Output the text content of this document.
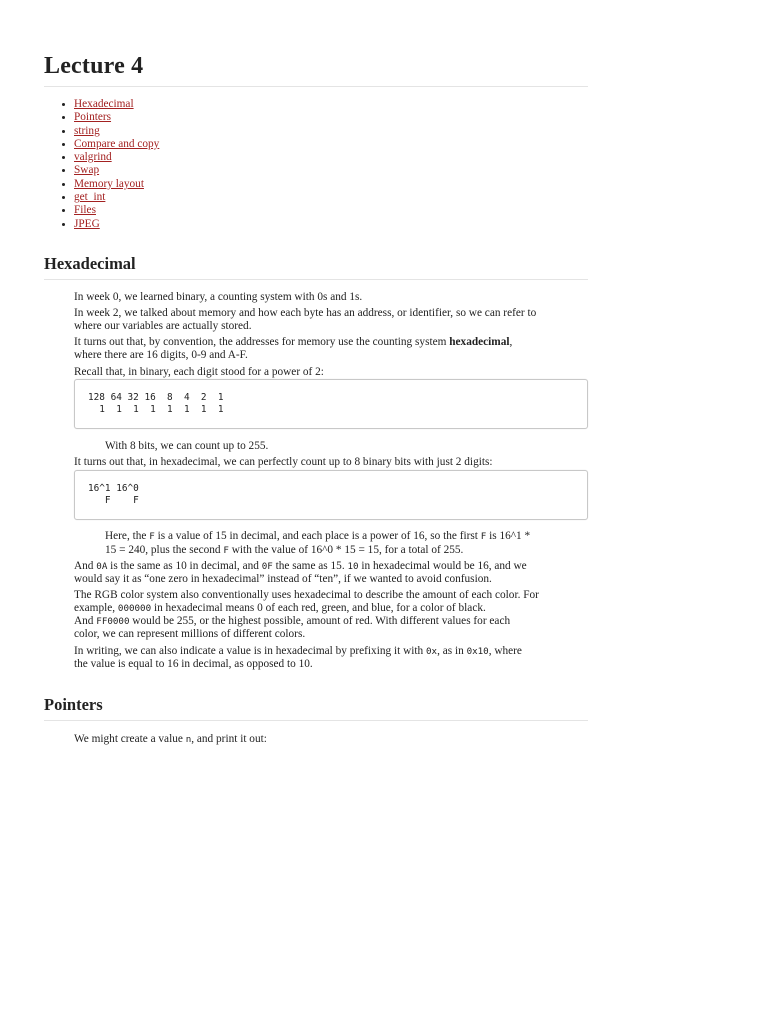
Lecture 4
• Hexadecimal
• Pointers
• string
• Compare and copy
• valgrind
• Swap
• Memory layout
• get_int
• Files
• JPEG
Hexadecimal
In week 0, we learned binary, a counting system with 0s and 1s.
In week 2, we talked about memory and how each byte has an address, or identifier, so we can refer to
where our variables are actually stored.
It turns out that, by convention, the addresses for memory use the counting system hexadecimal,
where there are 16 digits, 0-9 and A-F.
Recall that, in binary, each digit stood for a power of 2:
128 64 32 16  8  4  2  1
1  1  1  1  1  1  1  1
With 8 bits, we can count up to 255.
It turns out that, in hexadecimal, we can perfectly count up to 8 binary bits with just 2 digits:
16^1 16^0
F    F
Here, the F is a value of 15 in decimal, and each place is a power of 16, so the first F is 16^1 *
15 = 240, plus the second F with the value of 16^0 * 15 = 15, for a total of 255.
And 0A is the same as 10 in decimal, and 0F the same as 15. 10 in hexadecimal would be 16, and we
would say it as “one zero in hexadecimal” instead of “ten”, if we wanted to avoid confusion.
The RGB color system also conventionally uses hexadecimal to describe the amount of each color. For
example, 000000 in hexadecimal means 0 of each red, green, and blue, for a color of black.
And FF0000 would be 255, or the highest possible, amount of red. With different values for each
color, we can represent millions of different colors.
In writing, we can also indicate a value is in hexadecimal by prefixing it with 0x, as in 0x10, where
the value is equal to 16 in decimal, as opposed to 10.
Pointers
We might create a value n, and print it out:
